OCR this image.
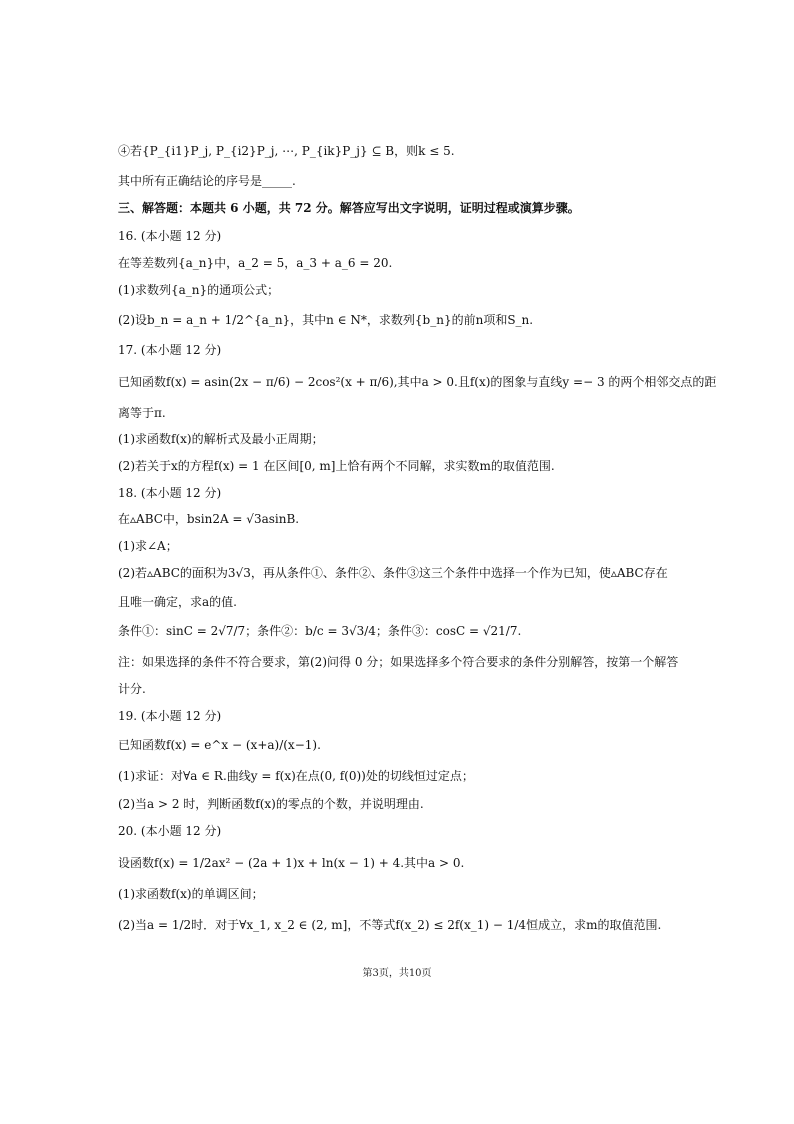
④若{P_{i1}P_j, P_{i2}P_j, ⋯, P_{ik}P_j} ⊆ B，则k ≤ 5.
其中所有正确结论的序号是_____.
三、解答题：本题共 6 小题，共 72 分。解答应写出文字说明，证明过程或演算步骤。
16. (本小题 12 分)
在等差数列{a_n}中，a_2 = 5，a_3 + a_6 = 20.
(1)求数列{a_n}的通项公式；
(2)设b_n = a_n + 1/2^{a_n}，其中n ∈ N*，求数列{b_n}的前n项和S_n.
17. (本小题 12 分)
已知函数f(x) = asin(2x − π/6) − 2cos²(x + π/6),其中a > 0.且f(x)的图象与直线y =− 3 的两个相邻交点的距
离等于π.
(1)求函数f(x)的解析式及最小正周期；
(2)若关于x的方程f(x) = 1 在区间[0, m]上恰有两个不同解，求实数m的取值范围.
18. (本小题 12 分)
在▵ABC中，bsin2A = √3asinB.
(1)求∠A；
(2)若▵ABC的面积为3√3，再从条件①、条件②、条件③这三个条件中选择一个作为已知，使▵ABC存在
且唯一确定，求a的值.
条件①：sinC = 2√7/7；条件②：b/c = 3√3/4；条件③：cosC = √21/7.
注：如果选择的条件不符合要求，第(2)问得 0 分；如果选择多个符合要求的条件分别解答，按第一个解答
计分.
19. (本小题 12 分)
已知函数f(x) = e^x − (x+a)/(x−1).
(1)求证：对∀a ∈ R.曲线y = f(x)在点(0, f(0))处的切线恒过定点；
(2)当a > 2 时，判断函数f(x)的零点的个数，并说明理由.
20. (本小题 12 分)
设函数f(x) = 1/2ax² − (2a + 1)x + ln(x − 1) + 4.其中a > 0.
(1)求函数f(x)的单调区间；
(2)当a = 1/2时．对于∀x_1, x_2 ∈ (2, m]，不等式f(x_2) ≤ 2f(x_1) − 1/4恒成立，求m的取值范围.
第3页，共10页
